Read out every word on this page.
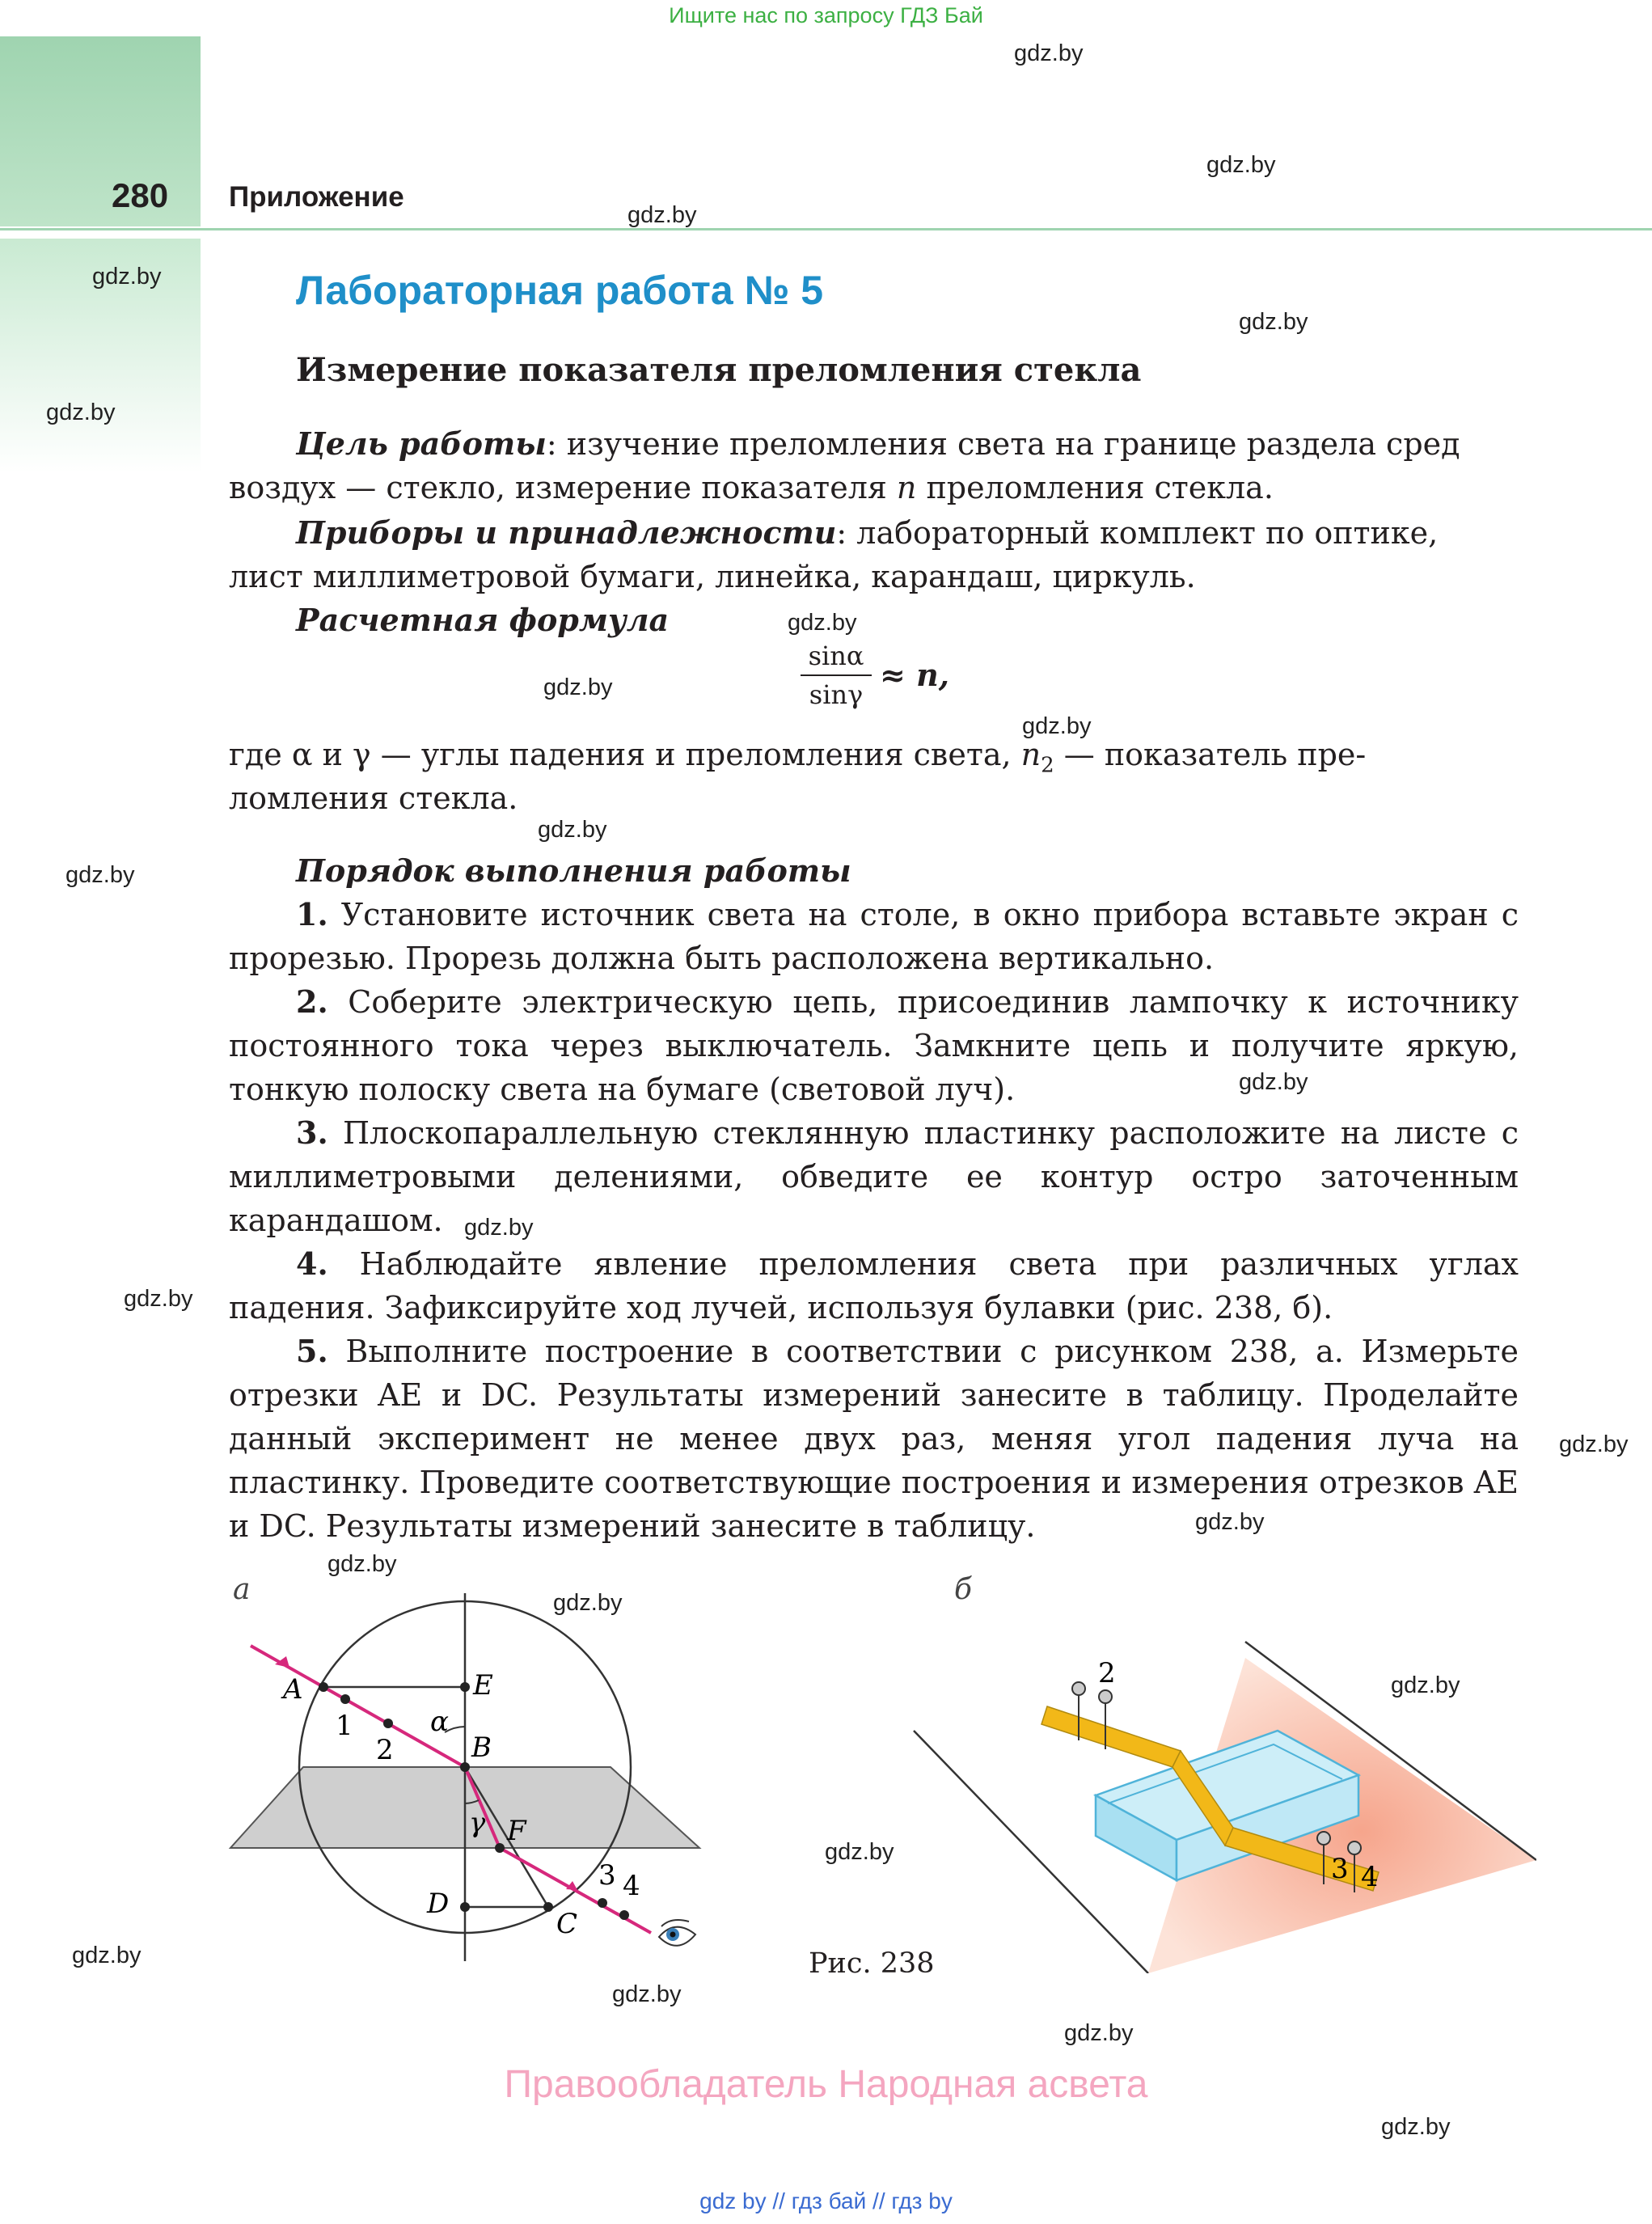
Ищите нас по запросу ГДЗ Бай
280 Приложение
Лабораторная работа № 5
Измерение показателя преломления стекла
Цель работы: изучение преломления света на границе раздела сред
воздух — стекло, измерение показателя n преломления стекла.
Приборы и принадлежности: лабораторный комплект по оптике,
лист миллиметровой бумаги, линейка, карандаш, циркуль.
Расчетная формула
$\frac{\sin\alpha}{\sin\gamma} \approx n$,
где α и γ — углы падения и преломления света, $n_2$ — показатель пре-
ломления стекла.
Порядок выполнения работы
1. Установите источник света на столе, в окно прибора вставьте экран с прорезью. Прорезь должна быть расположена вертикально.
2. Соберите электрическую цепь, присоединив лампочку к источнику постоянного тока через выключатель. Замкните цепь и получите яркую, тонкую полоску света на бумаге (световой луч).
3. Плоскопараллельную стеклянную пластинку расположите на листе с миллиметровыми делениями, обведите ее контур остро заточенным карандашом.
4. Наблюдайте явление преломления света при различных углах падения. Зафиксируйте ход лучей, используя булавки (рис. 238, б).
5. Выполните построение в соответствии с рисунком 238, а. Измерьте отрезки AE и DC. Результаты измерений занесите в таблицу. Проделайте данный эксперимент не менее двух раз, меняя угол падения луча на пластинку. Проведите соответствующие построения и измерения отрезков AE и DC. Результаты измерений занесите в таблицу.
а
A	E
1
2
α
B
γ F
D
C
3 4
б
2
3 4
Рис. 238
gdz.by
gdz.by
gdz.by
gdz.by
gdz.by
gdz.by
gdz.by
gdz.by
gdz.by
gdz.by
gdz.by
gdz.by
gdz.by
gdz.by
gdz.by
gdz.by
gdz.by
gdz.by
gdz.by
gdz.by
gdz.by
gdz.by
gdz.by
gdz.by
Правообладатель Народная асвета
gdz by // гдз бай // гдз by
